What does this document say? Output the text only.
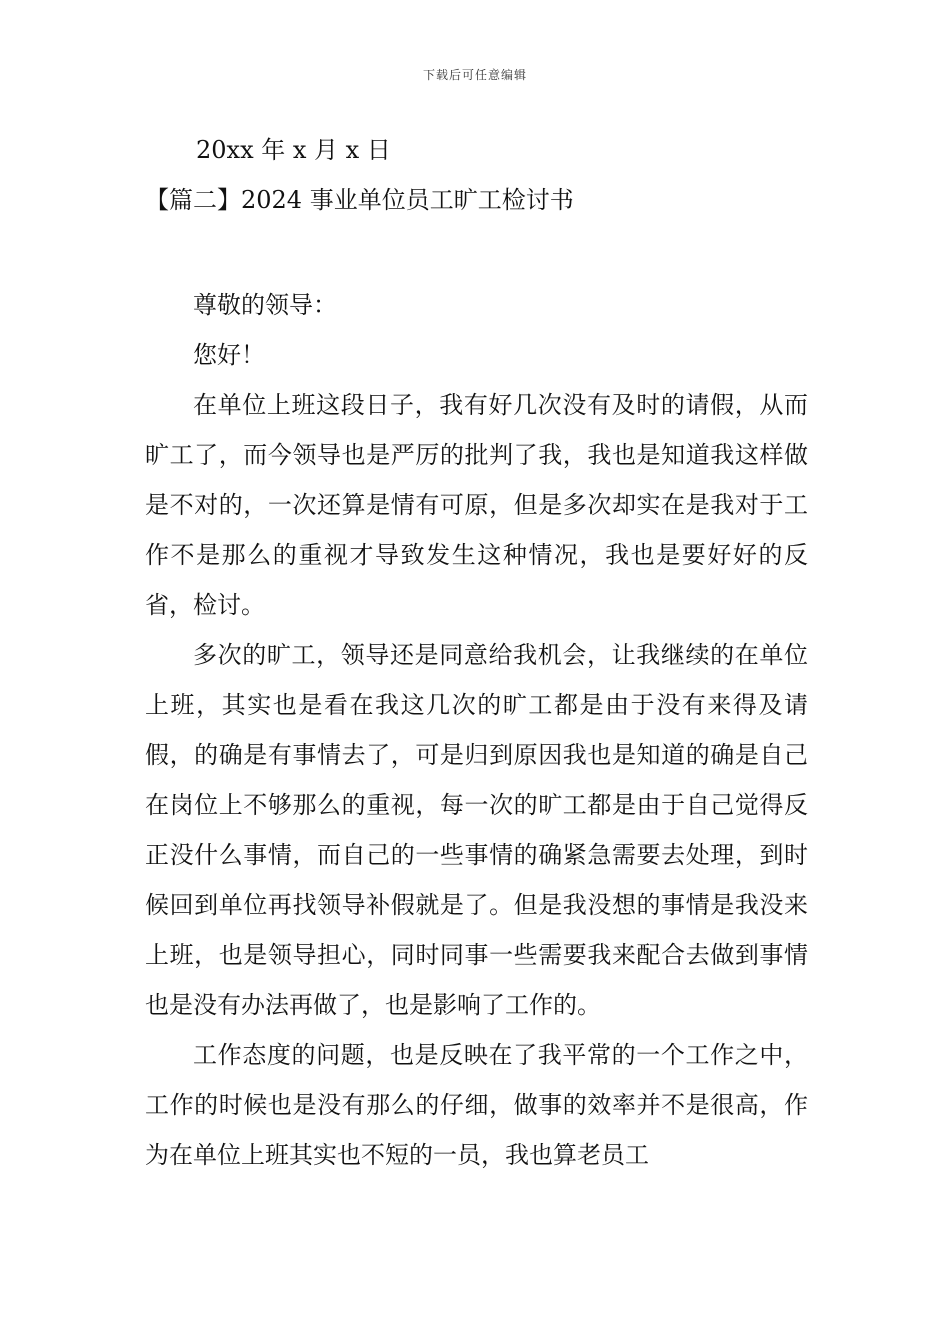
下载后可任意编辑
20xx 年 x 月 x 日
【篇二】2024 事业单位员工旷工检讨书

尊敬的领导：

您好！

在单位上班这段日子，我有好几次没有及时的请假，从而旷工了，而今领导也是严厉的批判了我，我也是知道我这样做是不对的，一次还算是情有可原，但是多次却实在是我对于工作不是那么的重视才导致发生这种情况，我也是要好好的反省，检讨。

多次的旷工，领导还是同意给我机会，让我继续的在单位上班，其实也是看在我这几次的旷工都是由于没有来得及请假，的确是有事情去了，可是归到原因我也是知道的确是自己在岗位上不够那么的重视，每一次的旷工都是由于自己觉得反正没什么事情，而自己的一些事情的确紧急需要去处理，到时候回到单位再找领导补假就是了。但是我没想的事情是我没来上班，也是领导担心，同时同事一些需要我来配合去做到事情也是没有办法再做了，也是影响了工作的。

工作态度的问题，也是反映在了我平常的一个工作之中，工作的时候也是没有那么的仔细，做事的效率并不是很高，作为在单位上班其实也不短的一员，我也算老员工
